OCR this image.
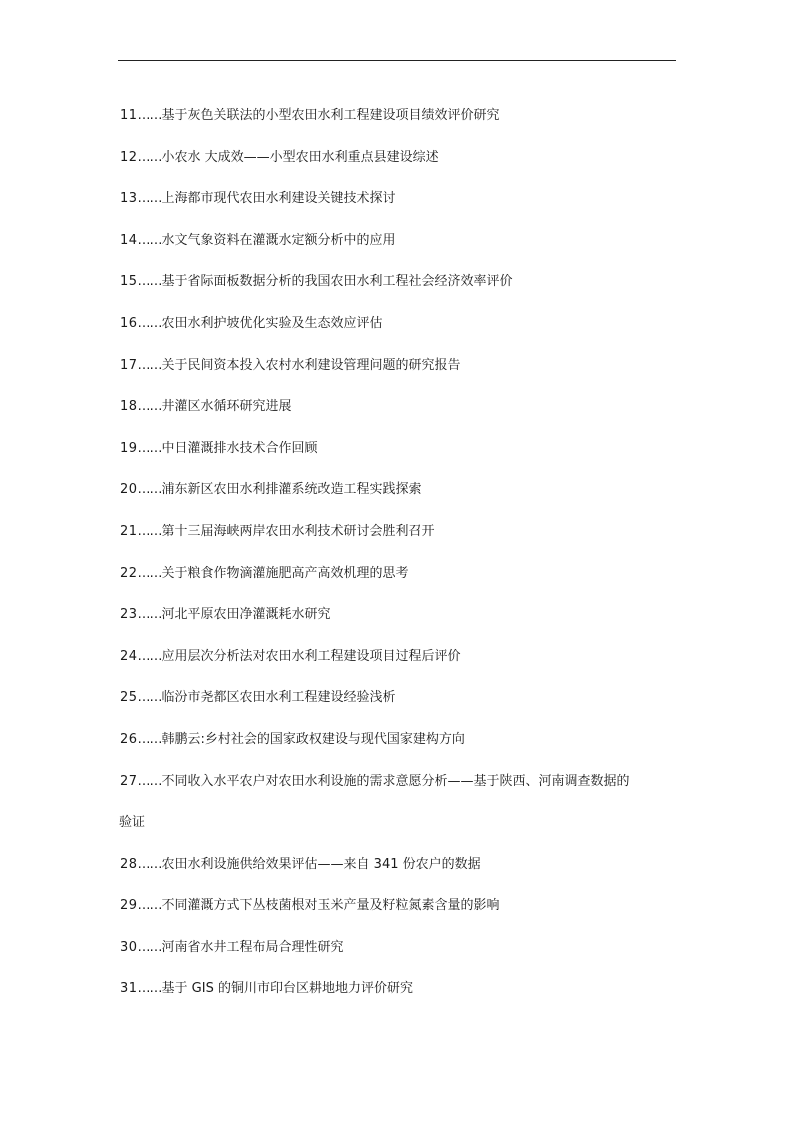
11……基于灰色关联法的小型农田水利工程建设项目绩效评价研究
12……小农水 大成效——小型农田水利重点县建设综述
13……上海都市现代农田水利建设关键技术探讨
14……水文气象资料在灌溉水定额分析中的应用
15……基于省际面板数据分析的我国农田水利工程社会经济效率评价
16……农田水利护坡优化实验及生态效应评估
17……关于民间资本投入农村水利建设管理问题的研究报告
18……井灌区水循环研究进展
19……中日灌溉排水技术合作回顾
20……浦东新区农田水利排灌系统改造工程实践探索
21……第十三届海峡两岸农田水利技术研讨会胜利召开
22……关于粮食作物滴灌施肥高产高效机理的思考
23……河北平原农田净灌溉耗水研究
24……应用层次分析法对农田水利工程建设项目过程后评价
25……临汾市尧都区农田水利工程建设经验浅析
26……韩鹏云:乡村社会的国家政权建设与现代国家建构方向
27……不同收入水平农户对农田水利设施的需求意愿分析——基于陕西、河南调查数据的
验证
28……农田水利设施供给效果评估——来自 341 份农户的数据
29……不同灌溉方式下丛枝菌根对玉米产量及籽粒氮素含量的影响
30……河南省水井工程布局合理性研究
31……基于 GIS 的铜川市印台区耕地地力评价研究
